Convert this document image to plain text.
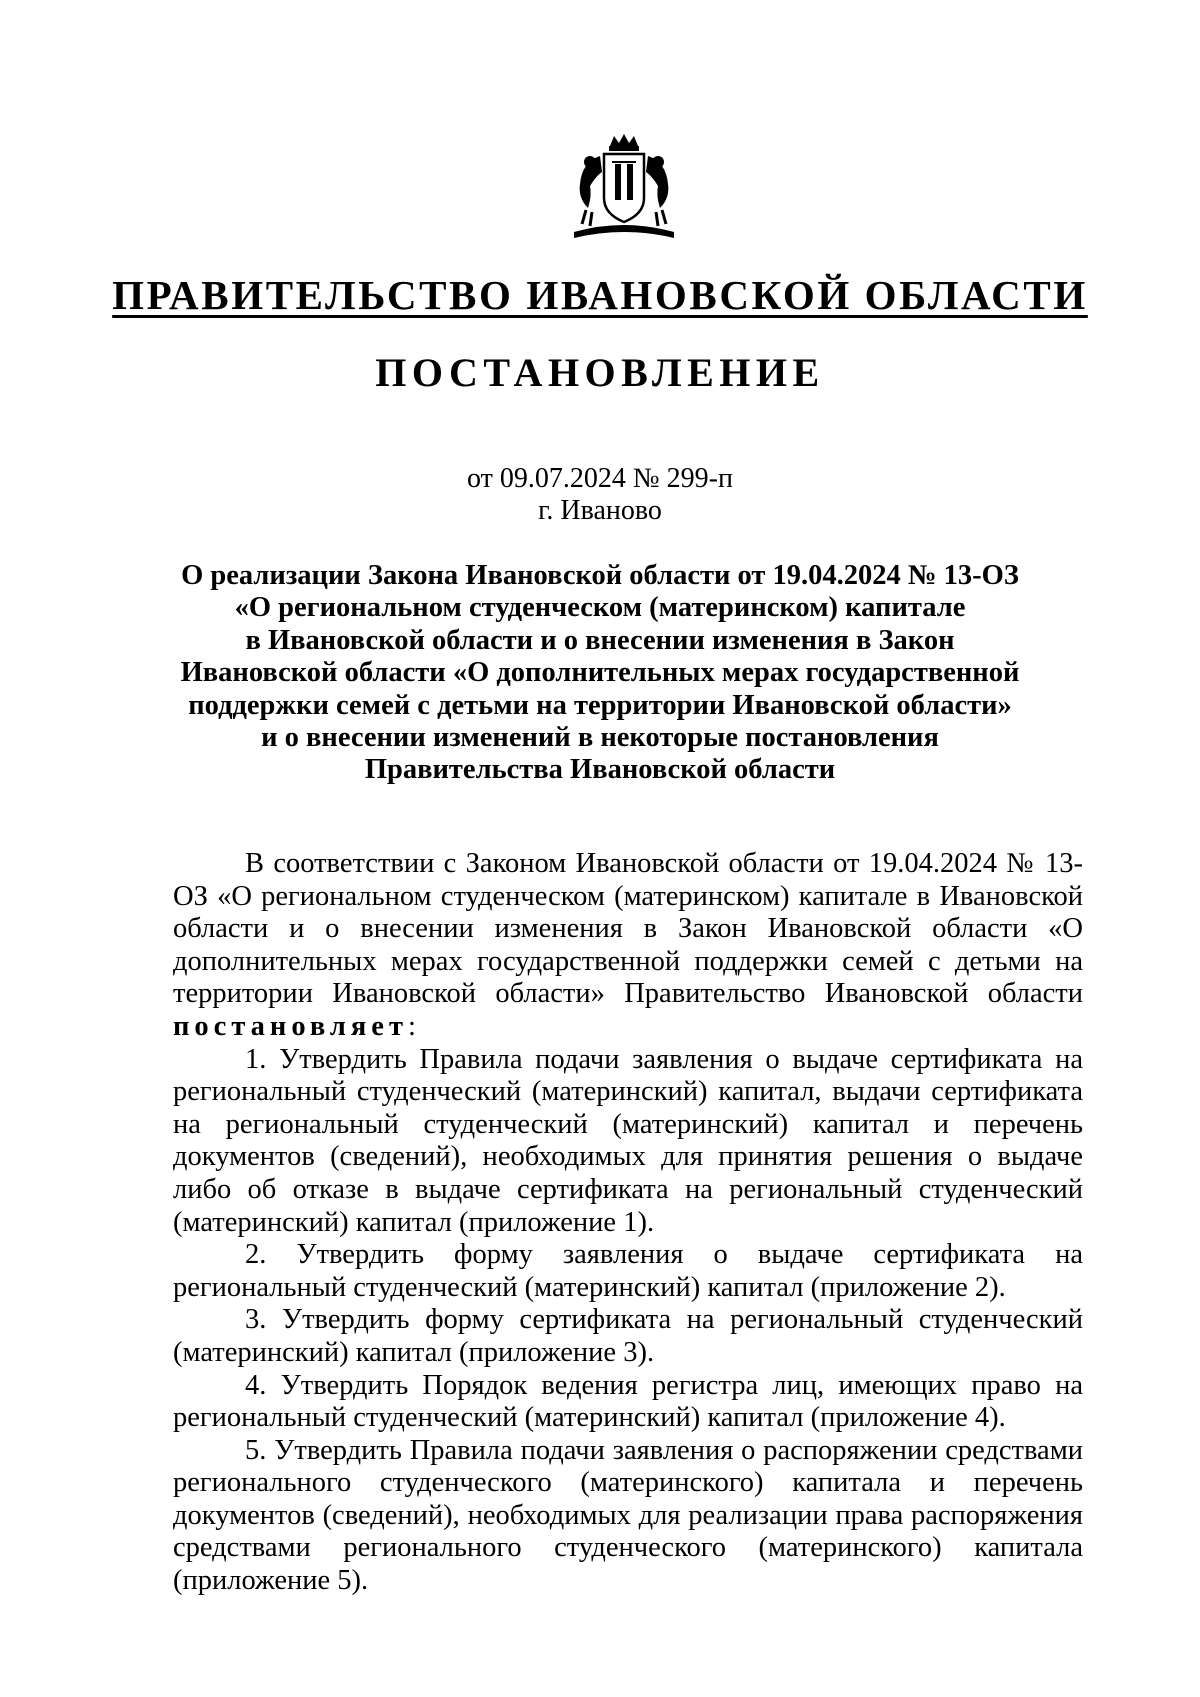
ПРАВИТЕЛЬСТВО ИВАНОВСКОЙ ОБЛАСТИ
ПОСТАНОВЛЕНИЕ
от 09.07.2024 № 299-п
г. Иваново
О реализации Закона Ивановской области от 19.04.2024 № 13-ОЗ
«О региональном студенческом (материнском) капитале
в Ивановской области и о внесении изменения в Закон
Ивановской области «О дополнительных мерах государственной
поддержки семей с детьми на территории Ивановской области»
и о внесении изменений в некоторые постановления
Правительства Ивановской области

В соответствии с Законом Ивановской области от 19.04.2024 № 13-ОЗ «О региональном студенческом (материнском) капитале в Ивановской области и о внесении изменения в Закон Ивановской области «О дополнительных мерах государственной поддержки семей с детьми на территории Ивановской области» Правительство Ивановской области постановляет:

1. Утвердить Правила подачи заявления о выдаче сертификата на региональный студенческий (материнский) капитал, выдачи сертификата на региональный студенческий (материнский) капитал и перечень документов (сведений), необходимых для принятия решения о выдаче либо об отказе в выдаче сертификата на региональный студенческий (материнский) капитал (приложение 1).

2. Утвердить форму заявления о выдаче сертификата на региональный студенческий (материнский) капитал (приложение 2).

3. Утвердить форму сертификата на региональный студенческий (материнский) капитал (приложение 3).

4. Утвердить Порядок ведения регистра лиц, имеющих право на региональный студенческий (материнский) капитал (приложение 4).

5. Утвердить Правила подачи заявления о распоряжении средствами регионального студенческого (материнского) капитала и перечень документов (сведений), необходимых для реализации права распоряжения средствами регионального студенческого (материнского) капитала (приложение 5).
